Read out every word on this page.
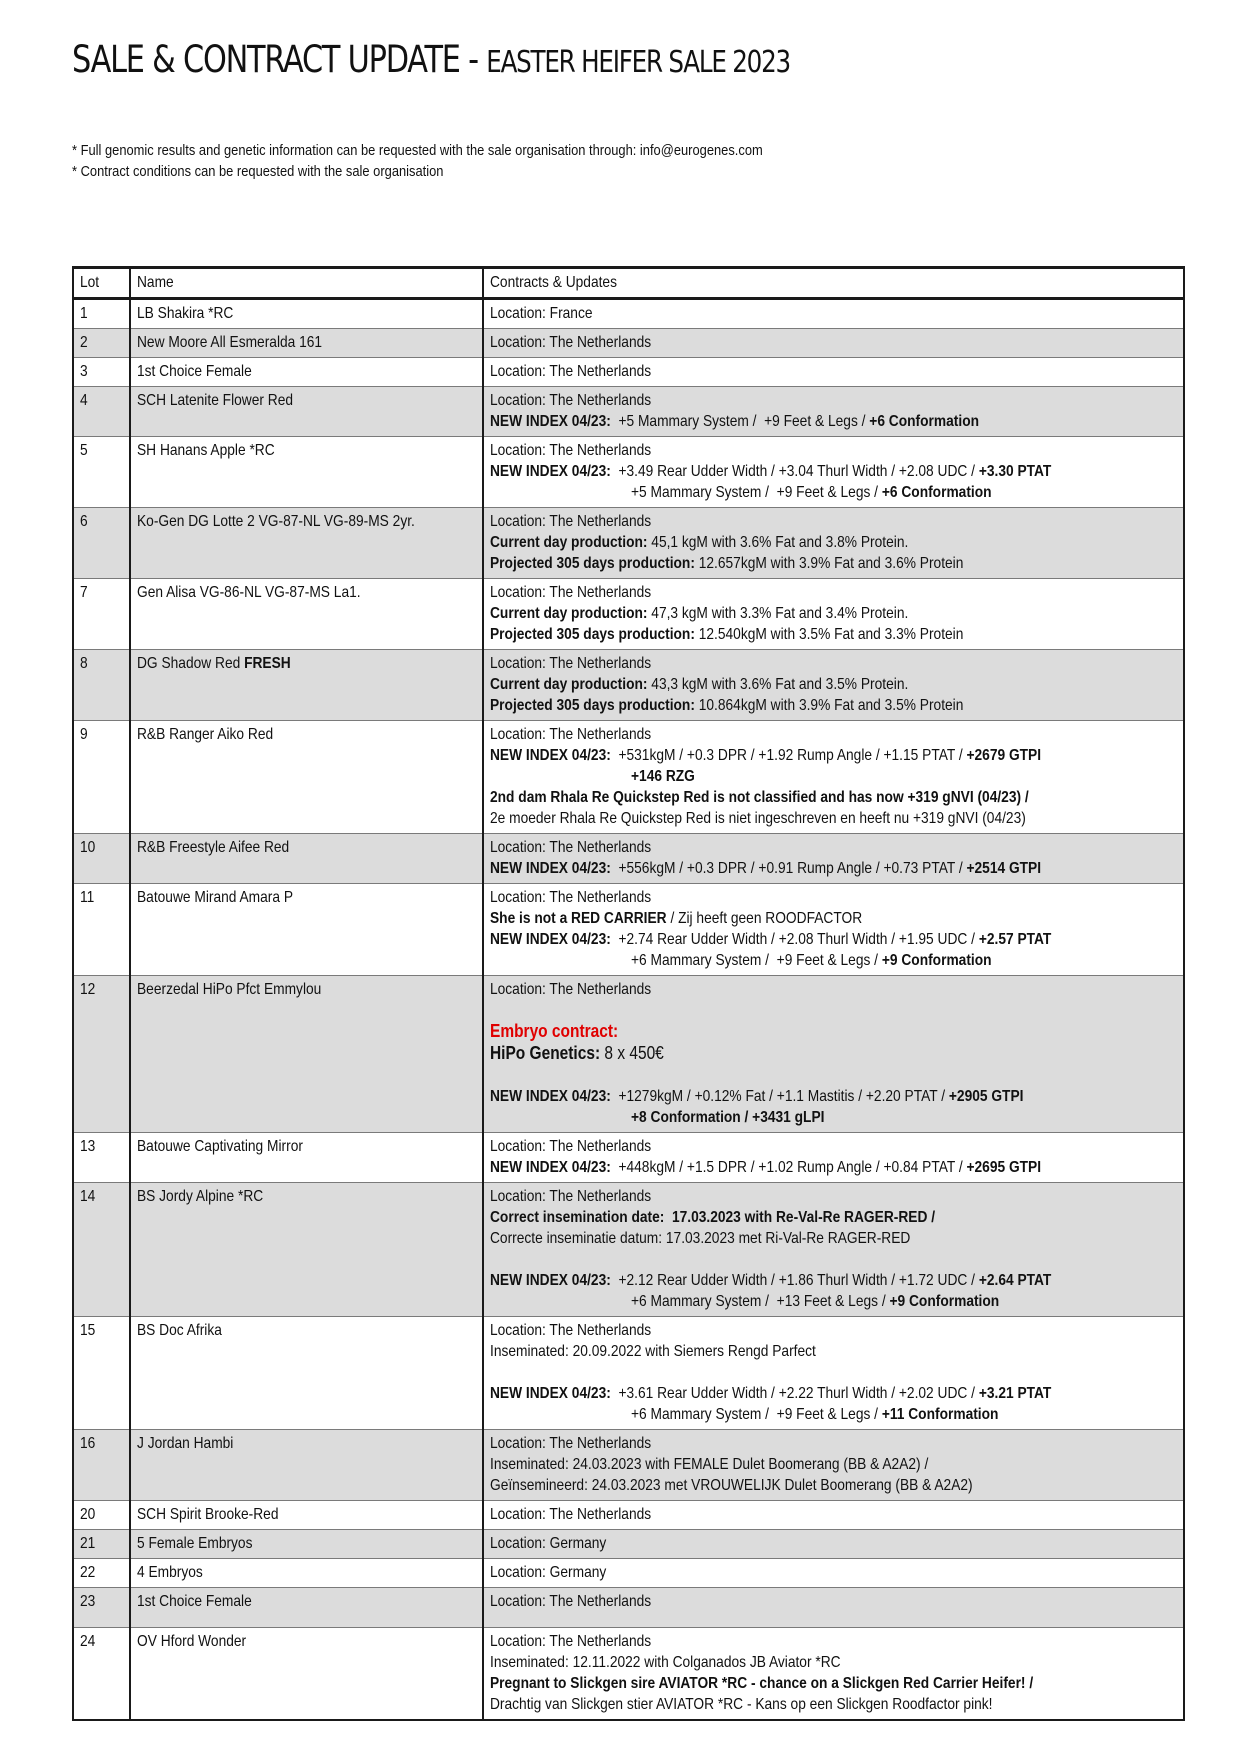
SALE & CONTRACT UPDATE - EASTER HEIFER SALE 2023
* Full genomic results and genetic information can be requested with the sale organisation through: info@eurogenes.com
* Contract conditions can be requested with the sale organisation
Lot	Name	Contracts & Updates
1	LB Shakira *RC	Location: France

2	New Moore All Esmeralda 161	Location: The Netherlands

3	1st Choice Female	Location: The Netherlands

4	SCH Latenite Flower Red	Location: The Netherlands
NEW INDEX 04/23:  +5 Mammary System /  +9 Feet & Legs / +6 Conformation

5	SH Hanans Apple *RC	Location: The Netherlands
NEW INDEX 04/23:  +3.49 Rear Udder Width / +3.04 Thurl Width / +2.08 UDC / +3.30 PTAT
+5 Mammary System /  +9 Feet & Legs / +6 Conformation

6	Ko-Gen DG Lotte 2 VG-87-NL VG-89-MS 2yr.	Location: The Netherlands
Current day production: 45,1 kgM with 3.6% Fat and 3.8% Protein.
Projected 305 days production: 12.657kgM with 3.9% Fat and 3.6% Protein

7	Gen Alisa VG-86-NL VG-87-MS La1.	Location: The Netherlands
Current day production: 47,3 kgM with 3.3% Fat and 3.4% Protein.
Projected 305 days production: 12.540kgM with 3.5% Fat and 3.3% Protein

8	DG Shadow Red FRESH	Location: The Netherlands
Current day production: 43,3 kgM with 3.6% Fat and 3.5% Protein.
Projected 305 days production: 10.864kgM with 3.9% Fat and 3.5% Protein

9	R&B Ranger Aiko Red	Location: The Netherlands
NEW INDEX 04/23:  +531kgM / +0.3 DPR / +1.92 Rump Angle / +1.15 PTAT / +2679 GTPI
+146 RZG
2nd dam Rhala Re Quickstep Red is not classified and has now +319 gNVI (04/23) /
2e moeder Rhala Re Quickstep Red is niet ingeschreven en heeft nu +319 gNVI (04/23)

10	R&B Freestyle Aifee Red	Location: The Netherlands
NEW INDEX 04/23:  +556kgM / +0.3 DPR / +0.91 Rump Angle / +0.73 PTAT / +2514 GTPI

11	Batouwe Mirand Amara P	Location: The Netherlands
She is not a RED CARRIER / Zij heeft geen ROODFACTOR
NEW INDEX 04/23:  +2.74 Rear Udder Width / +2.08 Thurl Width / +1.95 UDC / +2.57 PTAT
+6 Mammary System /  +9 Feet & Legs / +9 Conformation

12	Beerzedal HiPo Pfct Emmylou	Location: The Netherlands
Embryo contract:
HiPo Genetics: 8 x 450€
NEW INDEX 04/23:  +1279kgM / +0.12% Fat / +1.1 Mastitis / +2.20 PTAT / +2905 GTPI
+8 Conformation / +3431 gLPI

13	Batouwe Captivating Mirror	Location: The Netherlands
NEW INDEX 04/23:  +448kgM / +1.5 DPR / +1.02 Rump Angle / +0.84 PTAT / +2695 GTPI

14	BS Jordy Alpine *RC	Location: The Netherlands
Correct insemination date:  17.03.2023 with Re-Val-Re RAGER-RED /
Correcte inseminatie datum: 17.03.2023 met Ri-Val-Re RAGER-RED
NEW INDEX 04/23:  +2.12 Rear Udder Width / +1.86 Thurl Width / +1.72 UDC / +2.64 PTAT
+6 Mammary System /  +13 Feet & Legs / +9 Conformation

15	BS Doc Afrika	Location: The Netherlands
Inseminated: 20.09.2022 with Siemers Rengd Parfect
NEW INDEX 04/23:  +3.61 Rear Udder Width / +2.22 Thurl Width / +2.02 UDC / +3.21 PTAT
+6 Mammary System /  +9 Feet & Legs / +11 Conformation

16	J Jordan Hambi	Location: The Netherlands
Inseminated: 24.03.2023 with FEMALE Dulet Boomerang (BB & A2A2) /
Geïnsemineerd: 24.03.2023 met VROUWELIJK Dulet Boomerang (BB & A2A2)

20	SCH Spirit Brooke-Red	Location: The Netherlands

21	5 Female Embryos	Location: Germany

22	4 Embryos	Location: Germany

23	1st Choice Female	Location: The Netherlands

24	OV Hford Wonder	Location: The Netherlands
Inseminated: 12.11.2022 with Colganados JB Aviator *RC
Pregnant to Slickgen sire AVIATOR *RC - chance on a Slickgen Red Carrier Heifer! /
Drachtig van Slickgen stier AVIATOR *RC - Kans op een Slickgen Roodfactor pink!
